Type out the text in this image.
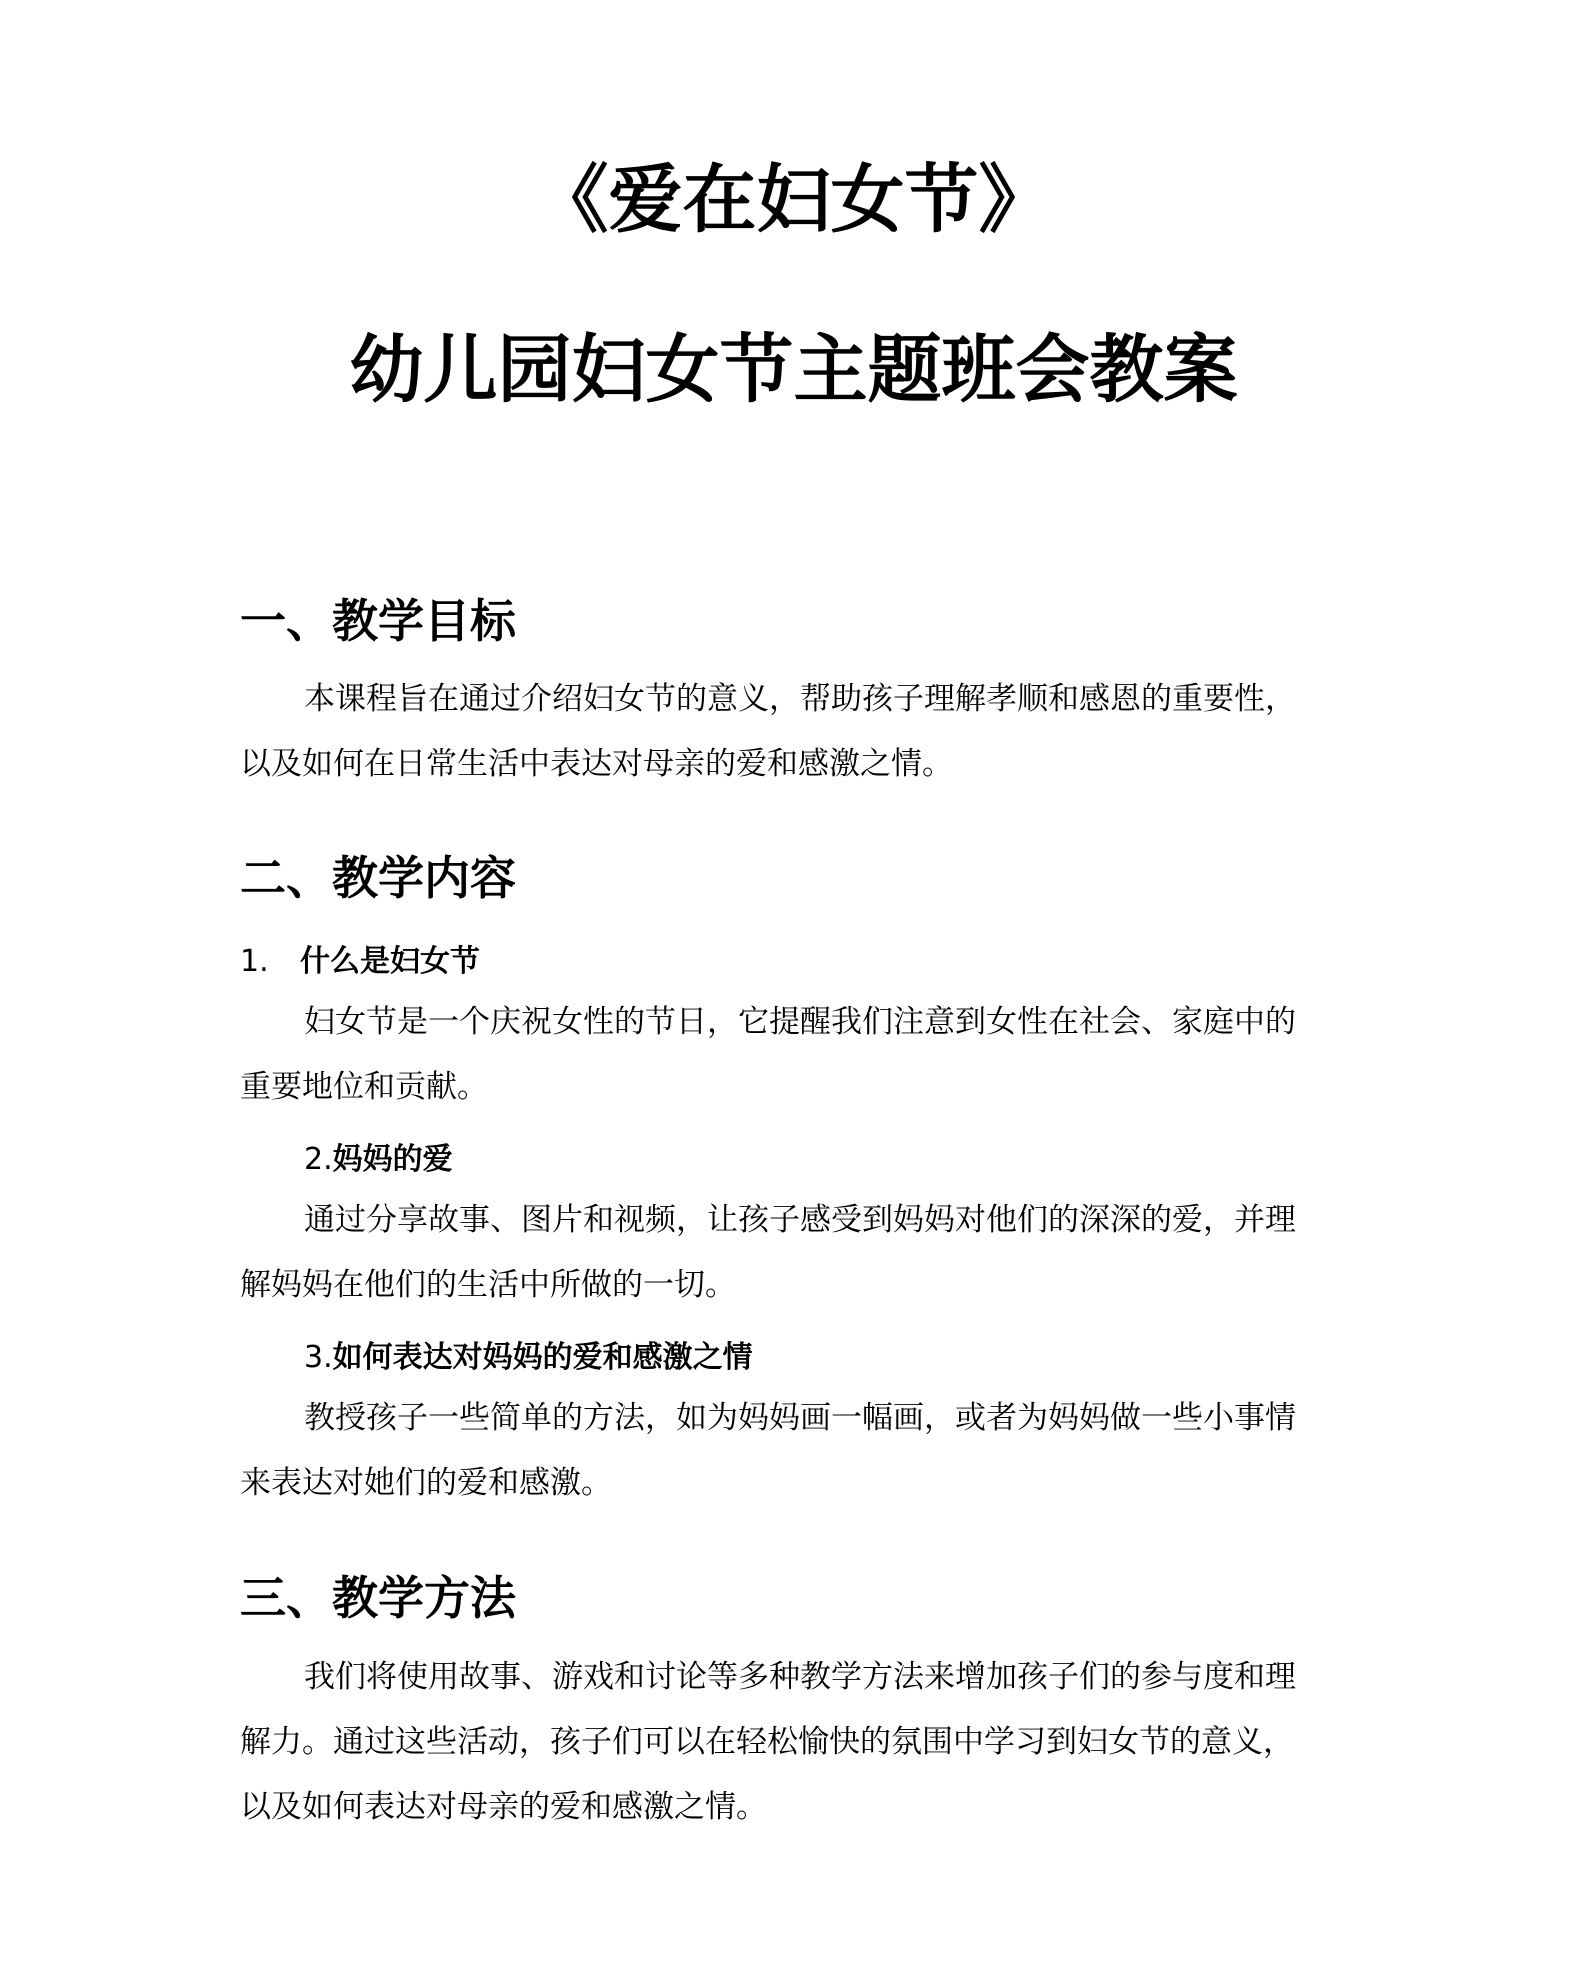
《爱在妇女节》
幼儿园妇女节主题班会教案
一、教学目标
本课程旨在通过介绍妇女节的意义，帮助孩子理解孝顺和感恩的重要性，
以及如何在日常生活中表达对母亲的爱和感激之情。
二、教学内容
1. 什么是妇女节
妇女节是一个庆祝女性的节日，它提醒我们注意到女性在社会、家庭中的
重要地位和贡献。
2.妈妈的爱
通过分享故事、图片和视频，让孩子感受到妈妈对他们的深深的爱，并理
解妈妈在他们的生活中所做的一切。
3.如何表达对妈妈的爱和感激之情
教授孩子一些简单的方法，如为妈妈画一幅画，或者为妈妈做一些小事情
来表达对她们的爱和感激。
三、教学方法
我们将使用故事、游戏和讨论等多种教学方法来增加孩子们的参与度和理
解力。通过这些活动，孩子们可以在轻松愉快的氛围中学习到妇女节的意义，
以及如何表达对母亲的爱和感激之情。
